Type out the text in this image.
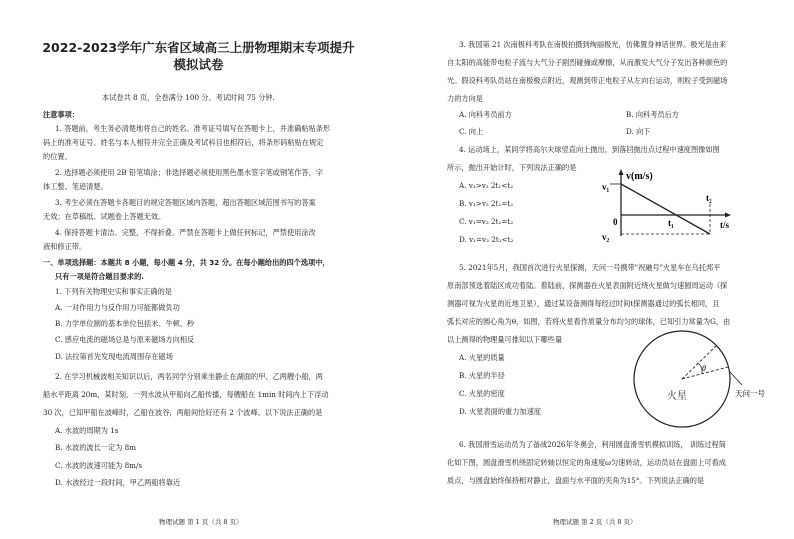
2022-2023学年广东省区域高三上册物理期末专项提升
模拟试卷
本试卷共 8 页，全卷满分 100 分。考试时间 75 分钟.
注意事项：
1. 答题前，考生务必清楚地将自己的姓名、准考证号填写在答题卡上，并准确粘贴条形
码上的准考证号、姓名与本人相符并完全正确及考试科目也相符后，将条形码粘贴在规定
的位置。
2. 选择题必须使用 2B 铅笔填涂；非选择题必须使用黑色墨水签字笔或钢笔作答，字
体工整、笔迹清楚。
3. 考生必须在答题卡各题目的规定答题区域内答题，超出答题区域范围书写的答案
无效；在草稿纸、试题卷上答题无效。
4. 保持答题卡清洁、完整，不得折叠。严禁在答题卡上做任何标记，严禁使用涂改
液和修正带。
一、单项选择题：本题共 8 小题，每小题 4 分，共 32 分。在每小题给出的四个选项中，
只有一项是符合题目要求的.
1. 下列有关物理史实和事实正确的是
A. 一对作用力与反作用力可能都做负功
B. 力学单位制的基本单位包括米、牛顿、秒
C. 感应电流的磁场总是与原来磁场方向相反
D. 法拉第首先发现电流周围存在磁场
2. 在学习机械波相关知识以后，两名同学分别乘坐静止在湖面的甲、乙两艘小船，两
船水平距离 20m，某时刻，一列水波从甲船向乙船传播，每艘船在 1min 时间内上下浮动
30 次，已知甲船在波峰时，乙船在波谷，两船间恰好还有 2 个波峰。以下说法正确的是
A. 水波的周期为 1s
B. 水波的波长一定为 8m
C. 水波的波速可能为 8m/s
D. 水波经过一段时间，甲乙两船将靠近
物理试题 第 1 页（共 8 页）
3. 我国第 21 次南极科考队在南极拍摄到绚丽极光，仿佛置身神话世界。极光是由来
自太阳的高能带电粒子流与大气分子剧烈碰撞或摩擦，从而激发大气分子发出各种颜色的
光。假设科考队员站在南极极点附近，观测到带正电粒子从左向右运动，则粒子受到磁场
力的方向是
A. 向科考员前方	B. 向科考员后方
C. 向上	D. 向下
4. 运动场上，某同学将高尔夫球竖直向上抛出，到落回抛出点过程中速度图像如图
所示，抛出开始计时，下列说法正确的是
A. v₁>v₂ 2t₁<t₂
B. v₁>v₂ 2t₁=t₂
C. v₁=v₂ 2t₁=t₂
D. v₁=v₂ 2t₁<t₂
v(m/s)
v₁
v₂
0	t₁
t₂
t/s
5. 2021年5月，我国首次进行火星探测，天问一号携带"祝融号"火星车在乌托邦平
原南部预选着陆区成功着陆。着陆前，探测器在火星表面附近绕火星做匀速圆周运动（探
测器可视为火星的近地卫星），通过某设备测得每经过时间t探测器通过的弧长相同，且
弧长对应的圆心角为θ，如图，若将火星看作质量分布均匀的球体，已知引力常量为G，由
以上测得的物理量可推知以下哪些量
A. 火星的质量
B. 火星的半径
C. 火星的密度
D. 火星表面的重力加速度
θ
火星	天问一号
6. 我国滑雪运动员为了备战2026年冬奥会，利用圆盘滑雪机模拟训练， 训练过程简
化如下图，圆盘滑雪机绕固定转轴以恒定的角速度ω匀速转动，运动员站在盘面上可看成
质点，与圆盘始终保持相对静止，盘面与水平面的夹角为15°。下列说法正确的是
物理试题 第 2 页（共 8 页）
